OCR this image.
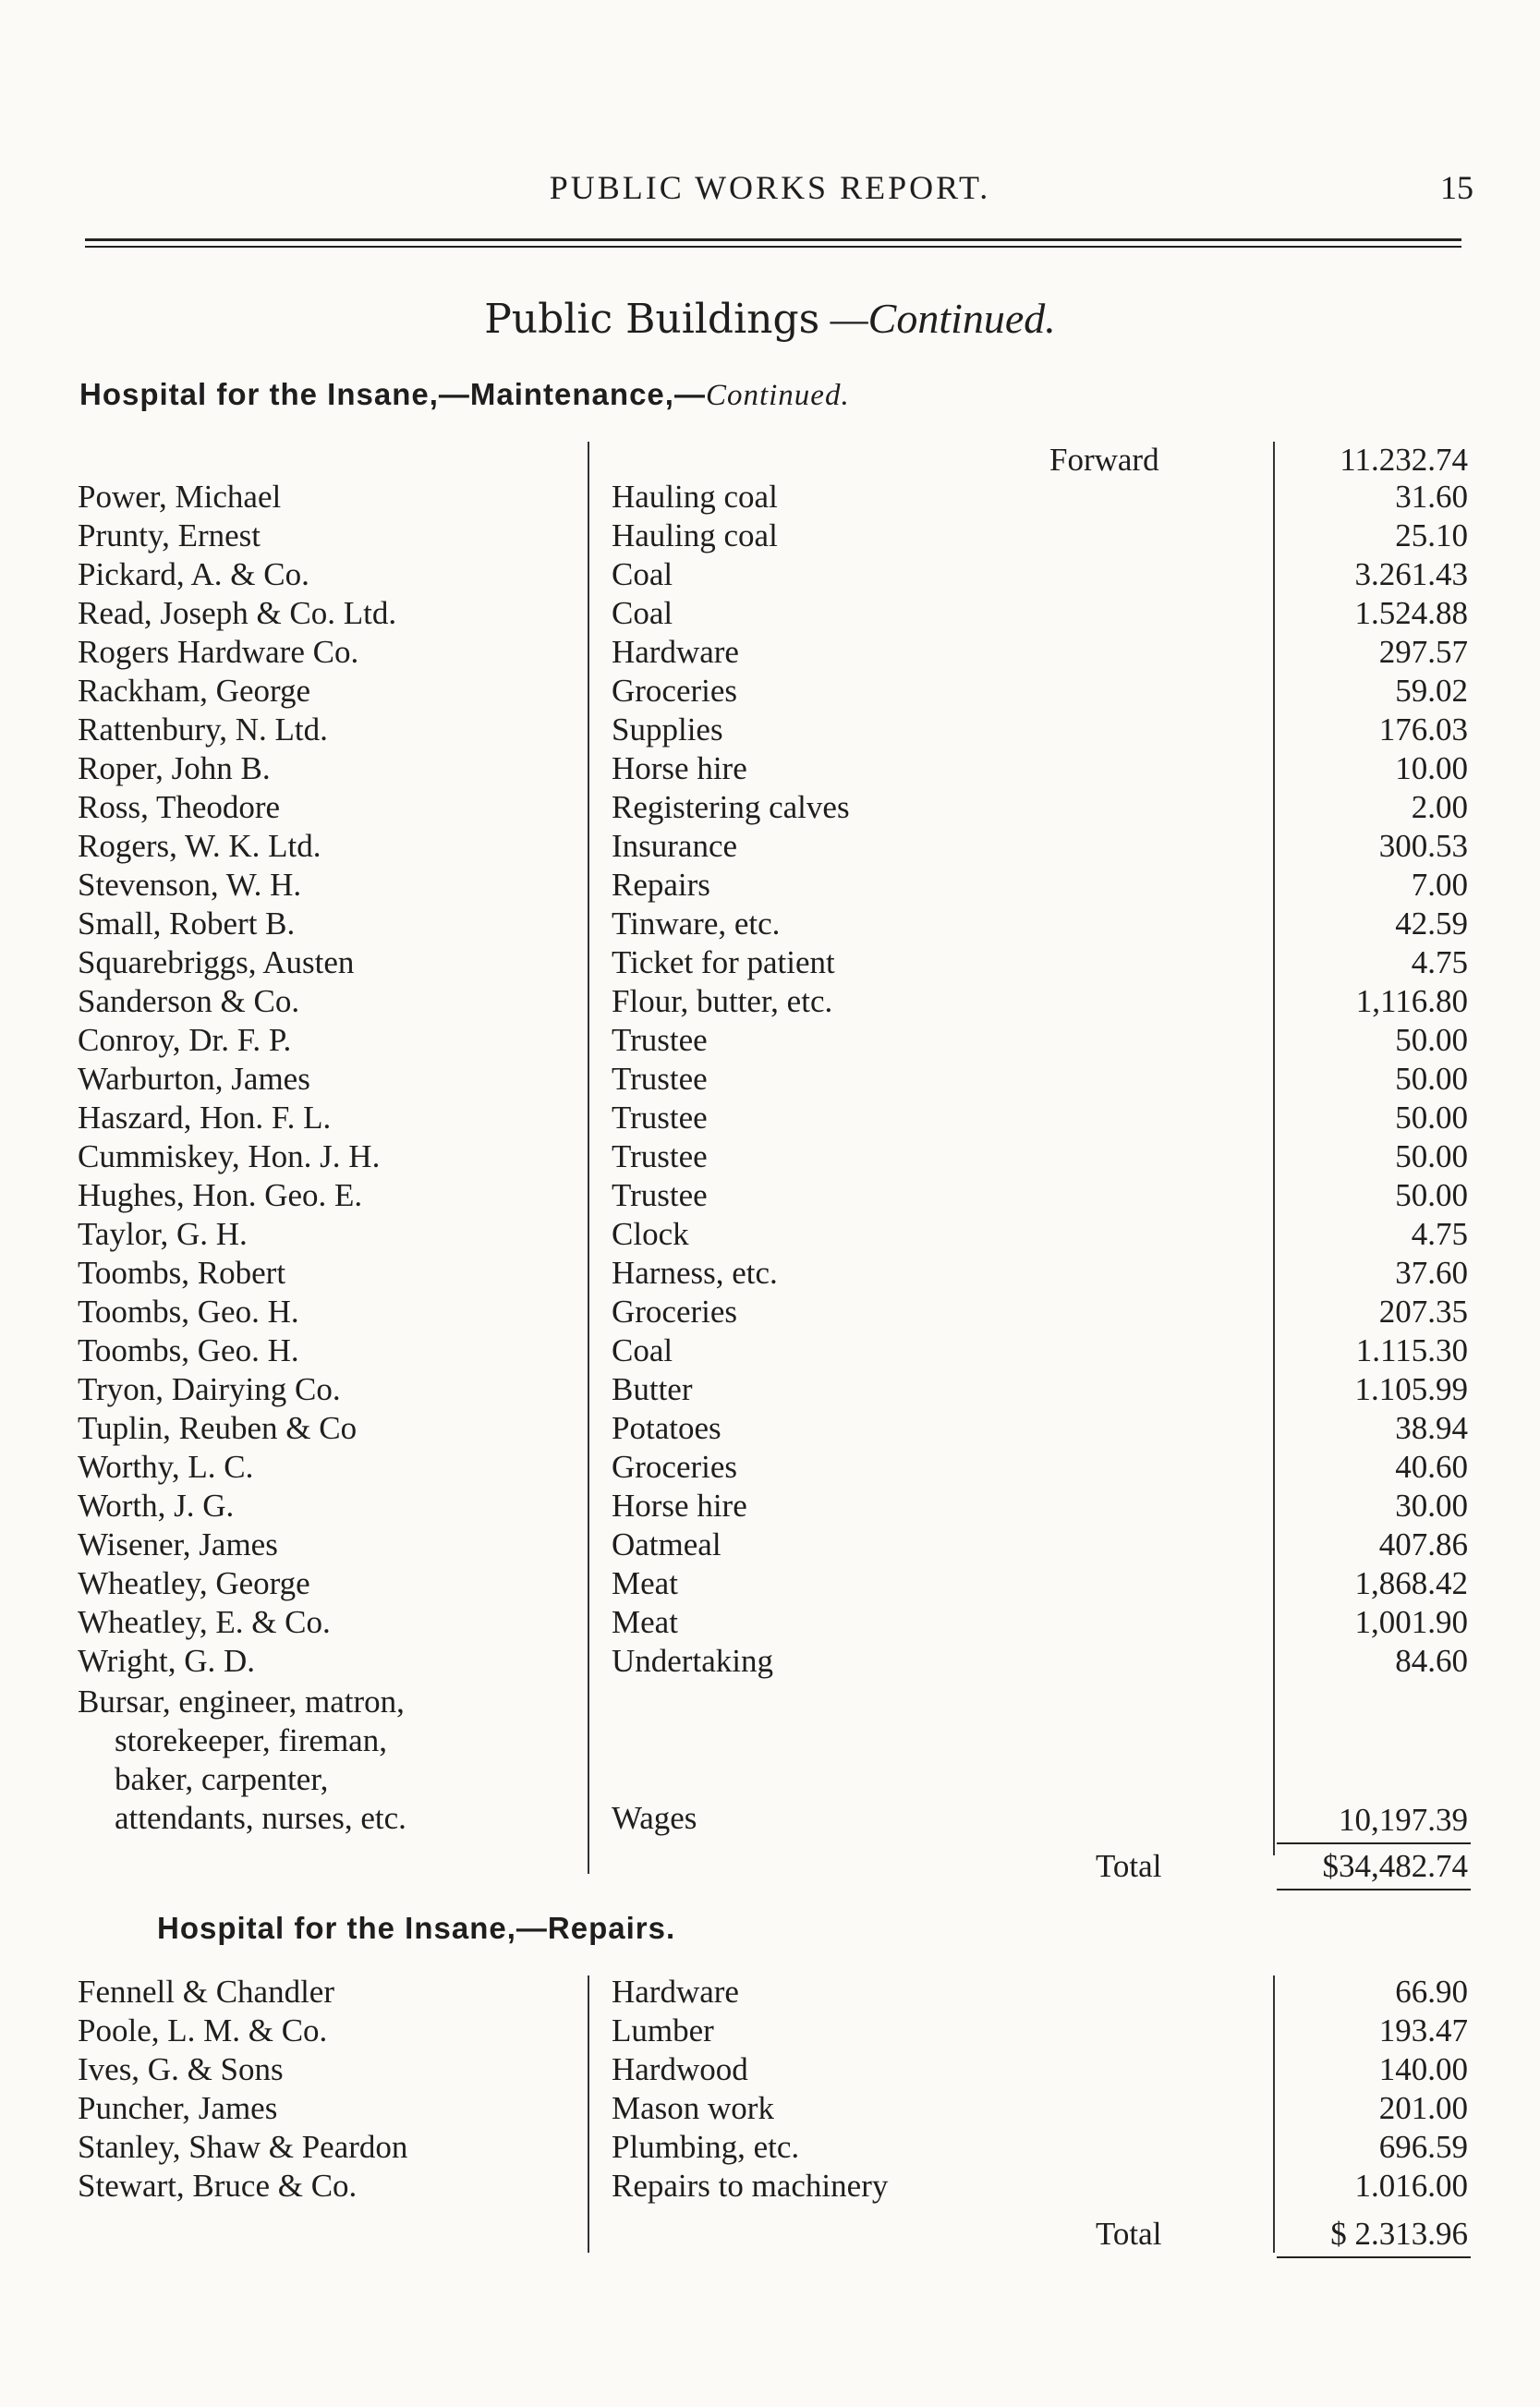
PUBLIC WORKS REPORT.	15
Public Buildings —Continued.
Hospital for the Insane,—Maintenance,—Continued.
Forward	11.232.74
Power, Michael	Hauling coal	31.60
Prunty, Ernest	Hauling coal	25.10
Pickard, A. & Co.	Coal	3.261.43
Read, Joseph & Co. Ltd.	Coal	1.524.88
Rogers Hardware Co.	Hardware	297.57
Rackham, George	Groceries	59.02
Rattenbury, N. Ltd.	Supplies	176.03
Roper, John B.	Horse hire	10.00
Ross, Theodore	Registering calves	2.00
Rogers, W. K. Ltd.	Insurance	300.53
Stevenson, W. H.	Repairs	7.00
Small, Robert B.	Tinware, etc.	42.59
Squarebriggs, Austen	Ticket for patient	4.75
Sanderson & Co.	Flour, butter, etc.	1,116.80
Conroy, Dr. F. P.	Trustee	50.00
Warburton, James	Trustee	50.00
Haszard, Hon. F. L.	Trustee	50.00
Cummiskey, Hon. J. H.	Trustee	50.00
Hughes, Hon. Geo. E.	Trustee	50.00
Taylor, G. H.	Clock	4.75
Toombs, Robert	Harness, etc.	37.60
Toombs, Geo. H.	Groceries	207.35
Toombs, Geo. H.	Coal	1.115.30
Tryon, Dairying Co.	Butter	1.105.99
Tuplin, Reuben & Co	Potatoes	38.94
Worthy, L. C.	Groceries	40.60
Worth, J. G.	Horse hire	30.00
Wisener, James	Oatmeal	407.86
Wheatley, George	Meat	1,868.42
Wheatley, E. & Co.	Meat	1,001.90
Wright, G. D.	Undertaking	84.60
Bursar, engineer, matron,
storekeeper, fireman,
baker, carpenter,
attendants, nurses, etc.	Wages	10,197.39
Total	$34,482.74
Hospital for the Insane,—Repairs.
Fennell & Chandler	Hardware	66.90
Poole, L. M. & Co.	Lumber	193.47
Ives, G. & Sons	Hardwood	140.00
Puncher, James	Mason work	201.00
Stanley, Shaw & Peardon	Plumbing, etc.	696.59
Stewart, Bruce & Co.	Repairs to machinery	1.016.00
Total	$ 2.313.96
